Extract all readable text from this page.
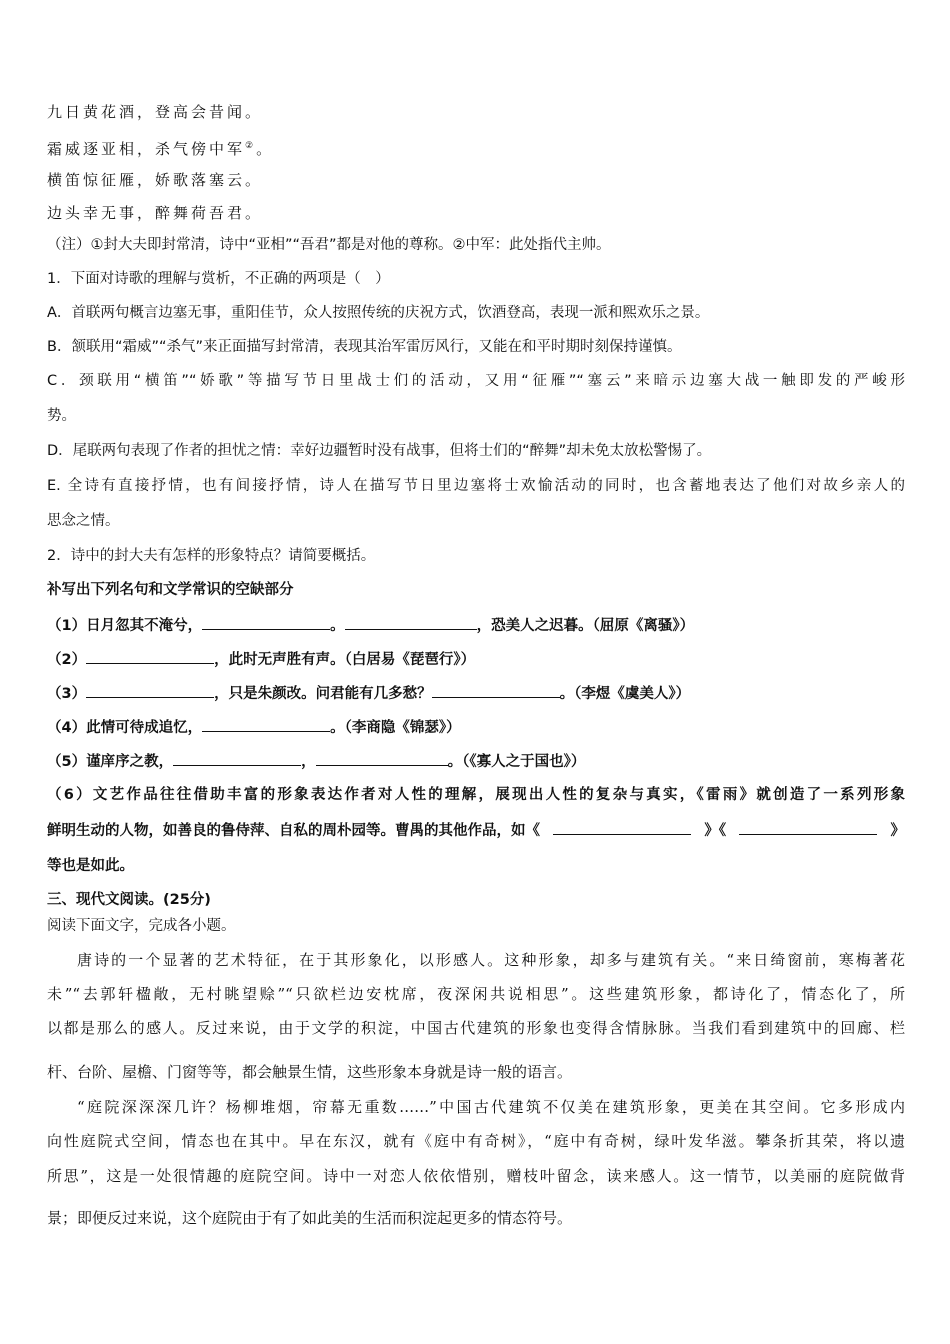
九日黄花酒，登高会昔闻。
霜威逐亚相，杀气傍中军②。
横笛惊征雁，娇歌落塞云。
边头幸无事，醉舞荷吾君。
（注）①封大夫即封常清，诗中“亚相”“吾君”都是对他的尊称。②中军：此处指代主帅。
1．下面对诗歌的理解与赏析，不正确的两项是（　）
A．首联两句概言边塞无事，重阳佳节，众人按照传统的庆祝方式，饮酒登高，表现一派和熙欢乐之景。
B．颔联用“霜威”“杀气”来正面描写封常清，表现其治军雷厉风行，又能在和平时期时刻保持谨慎。
C．颈联用“横笛”“娇歌”等描写节日里战士们的活动，又用“征雁”“塞云”来暗示边塞大战一触即发的严峻形
势。
D．尾联两句表现了作者的担忧之情：幸好边疆暂时没有战事，但将士们的“醉舞”却未免太放松警惕了。
E. 全诗有直接抒情，也有间接抒情，诗人在描写节日里边塞将士欢愉活动的同时，也含蓄地表达了他们对故乡亲人的
思念之情。
2．诗中的封大夫有怎样的形象特点？请简要概括。
补写出下列名句和文学常识的空缺部分
（1）日月忽其不淹兮，	。	，恐美人之迟暮。（屈原《离骚》）
（2）	，此时无声胜有声。（白居易《琵琶行》）
（3）	，只是朱颜改。问君能有几多愁？	。（李煜《虞美人》）
（4）此情可待成追忆，	。（李商隐《锦瑟》）
（5）谨庠序之教，	，	。（《寡人之于国也》）
（6）文艺作品往往借助丰富的形象表达作者对人性的理解，展现出人性的复杂与真实，《雷雨》就创造了一系列形象
鲜明生动的人物，如善良的鲁侍萍、自私的周朴园等。曹禺的其他作品，如《	》《	》
等也是如此。
三、现代文阅读。(25分)
阅读下面文字，完成各小题。
唐诗的一个显著的艺术特征，在于其形象化，以形感人。这种形象，却多与建筑有关。“来日绮窗前，寒梅著花
未”“去郭轩楹敞，无村眺望赊”“只欲栏边安枕席，夜深闲共说相思”。这些建筑形象，都诗化了，情态化了，所
以都是那么的感人。反过来说，由于文学的积淀，中国古代建筑的形象也变得含情脉脉。当我们看到建筑中的回廊、栏
杆、台阶、屋檐、门窗等等，都会触景生情，这些形象本身就是诗一般的语言。
“庭院深深深几许？杨柳堆烟，帘幕无重数……”中国古代建筑不仅美在建筑形象，更美在其空间。它多形成内
向性庭院式空间，情态也在其中。早在东汉，就有《庭中有奇树》，“庭中有奇树，绿叶发华滋。攀条折其荣，将以遗
所思”，这是一处很情趣的庭院空间。诗中一对恋人依依惜别，赠枝叶留念，读来感人。这一情节，以美丽的庭院做背
景；即便反过来说，这个庭院由于有了如此美的生活而积淀起更多的情态符号。
